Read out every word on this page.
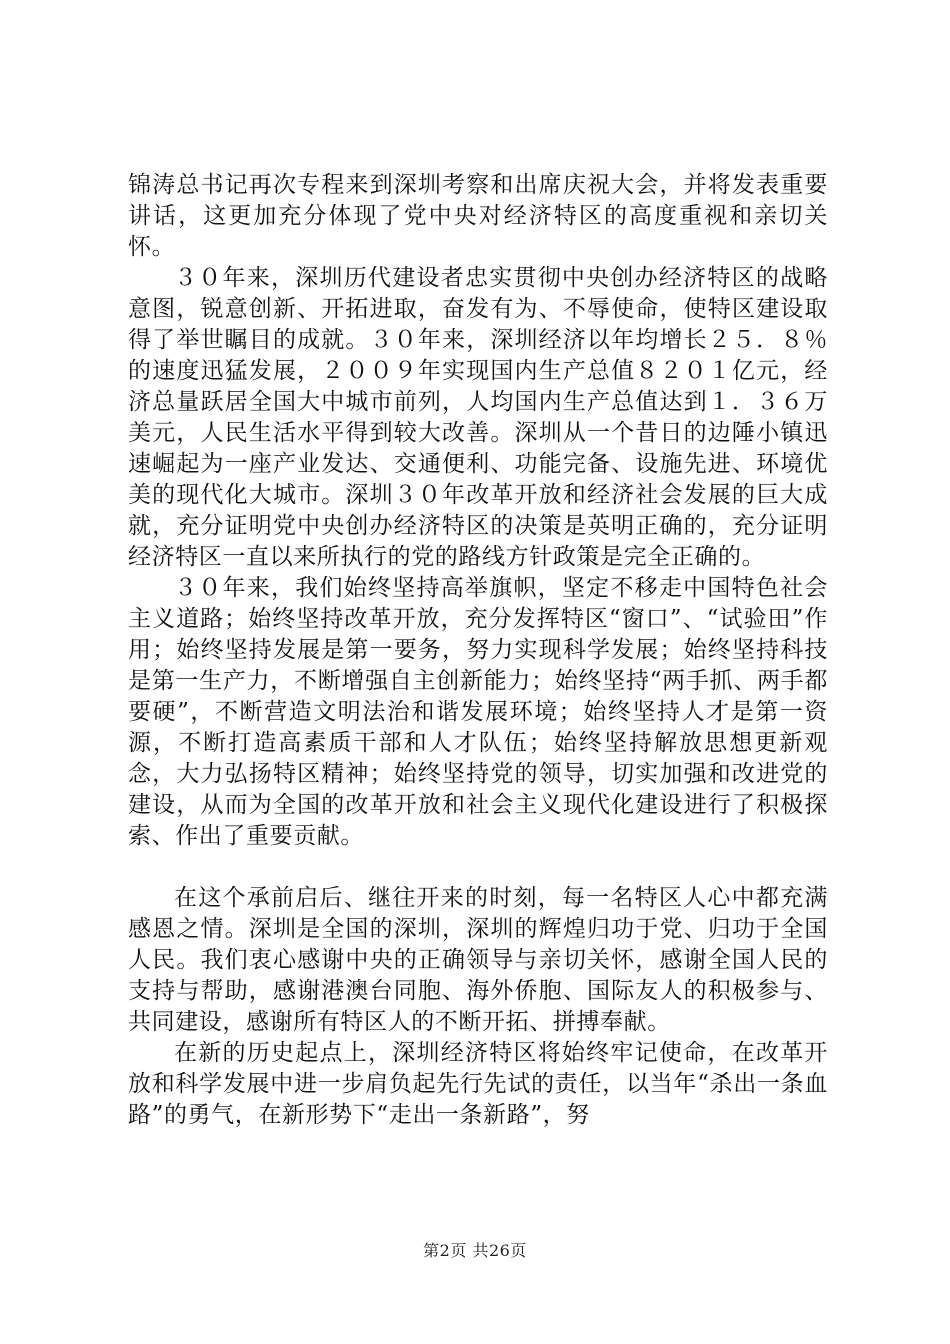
锦涛总书记再次专程来到深圳考察和出席庆祝大会，并将发表重要讲话，这更加充分体现了党中央对经济特区的高度重视和亲切关怀。

３０年来，深圳历代建设者忠实贯彻中央创办经济特区的战略意图，锐意创新、开拓进取，奋发有为、不辱使命，使特区建设取得了举世瞩目的成就。３０年来，深圳经济以年均增长２５．８％的速度迅猛发展，２００９年实现国内生产总值８２０１亿元，经济总量跃居全国大中城市前列，人均国内生产总值达到１．３６万美元，人民生活水平得到较大改善。深圳从一个昔日的边陲小镇迅速崛起为一座产业发达、交通便利、功能完备、设施先进、环境优美的现代化大城市。深圳３０年改革开放和经济社会发展的巨大成就，充分证明党中央创办经济特区的决策是英明正确的，充分证明经济特区一直以来所执行的党的路线方针政策是完全正确的。

３０年来，我们始终坚持高举旗帜，坚定不移走中国特色社会主义道路；始终坚持改革开放，充分发挥特区“窗口”、“试验田”作用；始终坚持发展是第一要务，努力实现科学发展；始终坚持科技是第一生产力，不断增强自主创新能力；始终坚持“两手抓、两手都要硬”，不断营造文明法治和谐发展环境；始终坚持人才是第一资源，不断打造高素质干部和人才队伍；始终坚持解放思想更新观念，大力弘扬特区精神；始终坚持党的领导，切实加强和改进党的建设，从而为全国的改革开放和社会主义现代化建设进行了积极探索、作出了重要贡献。

在这个承前启后、继往开来的时刻，每一名特区人心中都充满感恩之情。深圳是全国的深圳，深圳的辉煌归功于党、归功于全国人民。我们衷心感谢中央的正确领导与亲切关怀，感谢全国人民的支持与帮助，感谢港澳台同胞、海外侨胞、国际友人的积极参与、共同建设，感谢所有特区人的不断开拓、拼搏奉献。

在新的历史起点上，深圳经济特区将始终牢记使命，在改革开放和科学发展中进一步肩负起先行先试的责任，以当年“杀出一条血路”的勇气，在新形势下“走出一条新路”，努

第2页 共26页
